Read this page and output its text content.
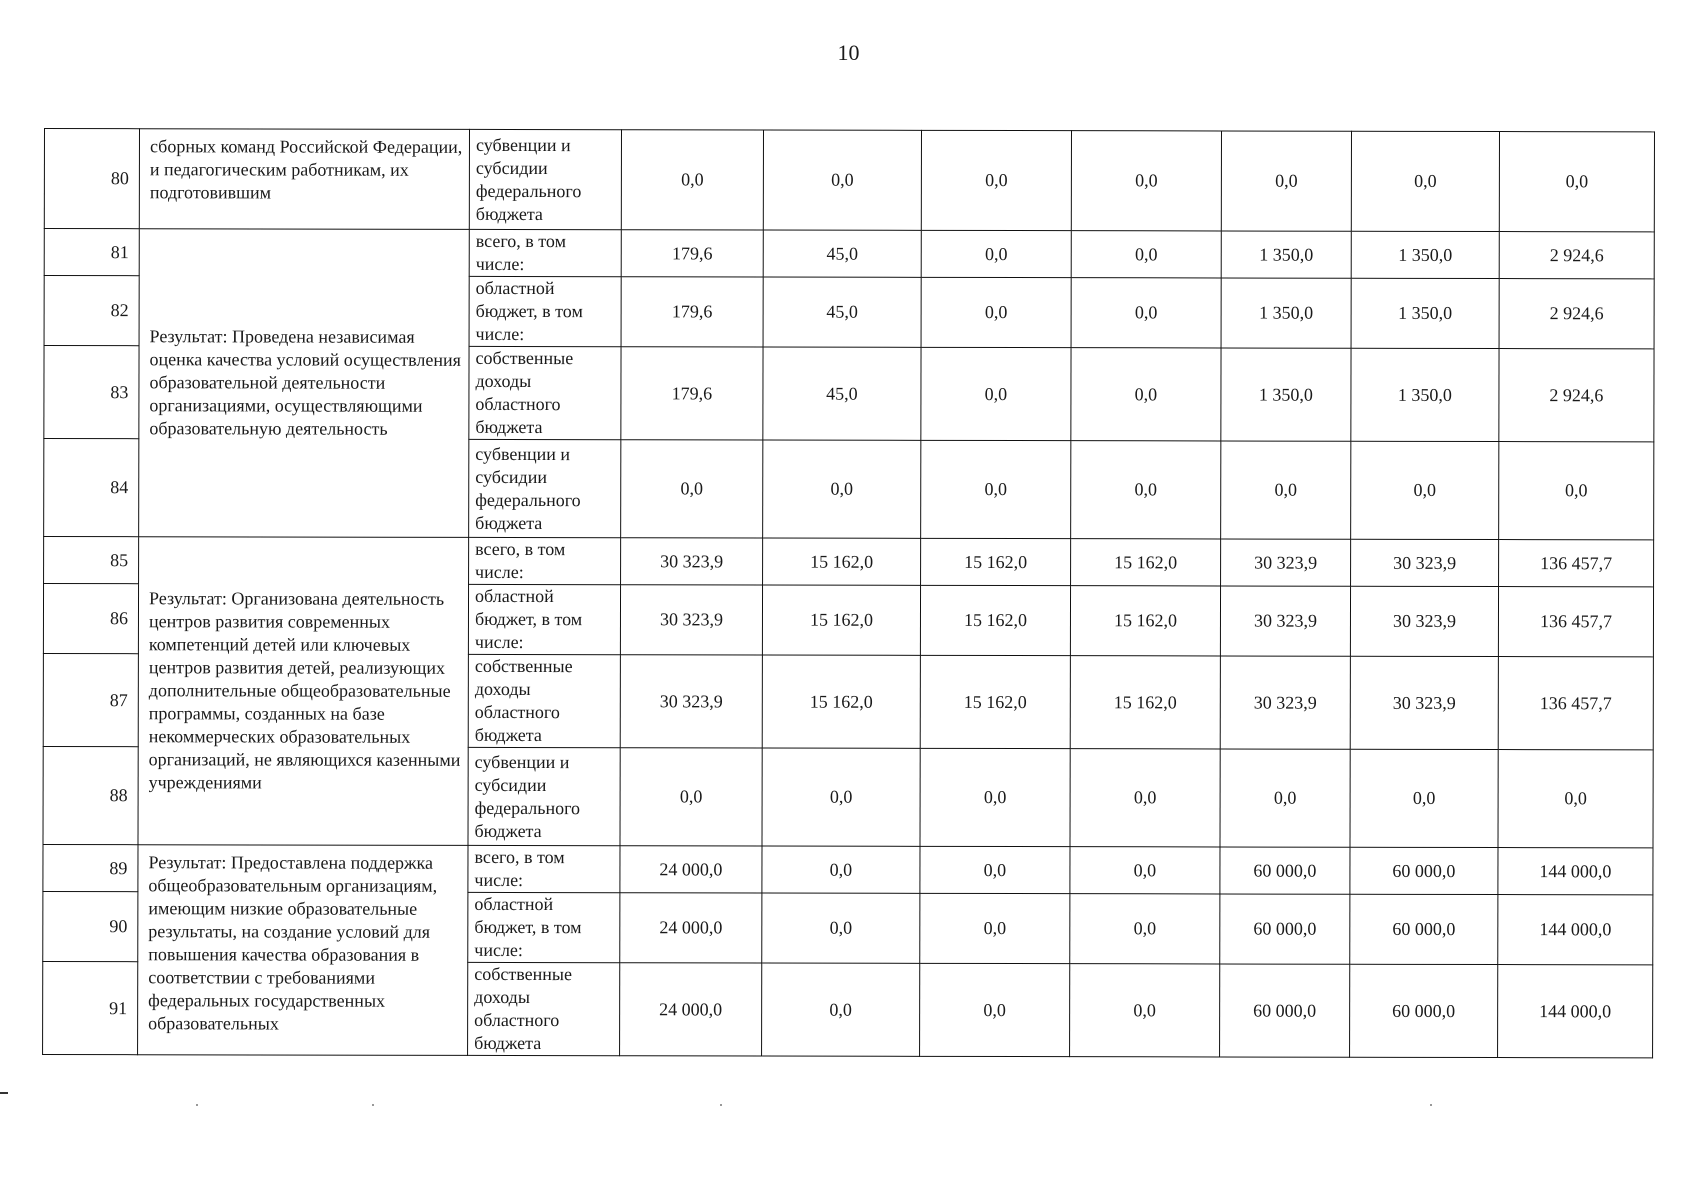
10
80	сборных команд Российской Федерации, и педагогическим работникам, их подготовившим	субвенции и субсидии федерального бюджета	0,0	0,0	0,0	0,0	0,0	0,0	0,0
81	Результат: Проведена независимая оценка качества условий осуществления образовательной деятельности организациями, осуществляющими образовательную деятельность	всего, в том числе:	179,6	45,0	0,0	0,0	1 350,0	1 350,0	2 924,6
82		областной бюджет, в том числе:	179,6	45,0	0,0	0,0	1 350,0	1 350,0	2 924,6
83		собственные доходы областного бюджета	179,6	45,0	0,0	0,0	1 350,0	1 350,0	2 924,6
84		субвенции и субсидии федерального бюджета	0,0	0,0	0,0	0,0	0,0	0,0	0,0
85	Результат: Организована деятельность центров развития современных компетенций детей или ключевых центров развития детей, реализующих дополнительные общеобразовательные программы, созданных на базе некоммерческих образовательных организаций, не являющихся казенными учреждениями	всего, в том числе:	30 323,9	15 162,0	15 162,0	15 162,0	30 323,9	30 323,9	136 457,7
86		областной бюджет, в том числе:	30 323,9	15 162,0	15 162,0	15 162,0	30 323,9	30 323,9	136 457,7
87		собственные доходы областного бюджета	30 323,9	15 162,0	15 162,0	15 162,0	30 323,9	30 323,9	136 457,7
88		субвенции и субсидии федерального бюджета	0,0	0,0	0,0	0,0	0,0	0,0	0,0
89	Результат: Предоставлена поддержка общеобразовательным организациям, имеющим низкие образовательные результаты, на создание условий для повышения качества образования в соответствии с требованиями федеральных государственных образовательных	всего, в том числе:	24 000,0	0,0	0,0	0,0	60 000,0	60 000,0	144 000,0
90		областной бюджет, в том числе:	24 000,0	0,0	0,0	0,0	60 000,0	60 000,0	144 000,0
91		собственные доходы областного бюджета	24 000,0	0,0	0,0	0,0	60 000,0	60 000,0	144 000,0
